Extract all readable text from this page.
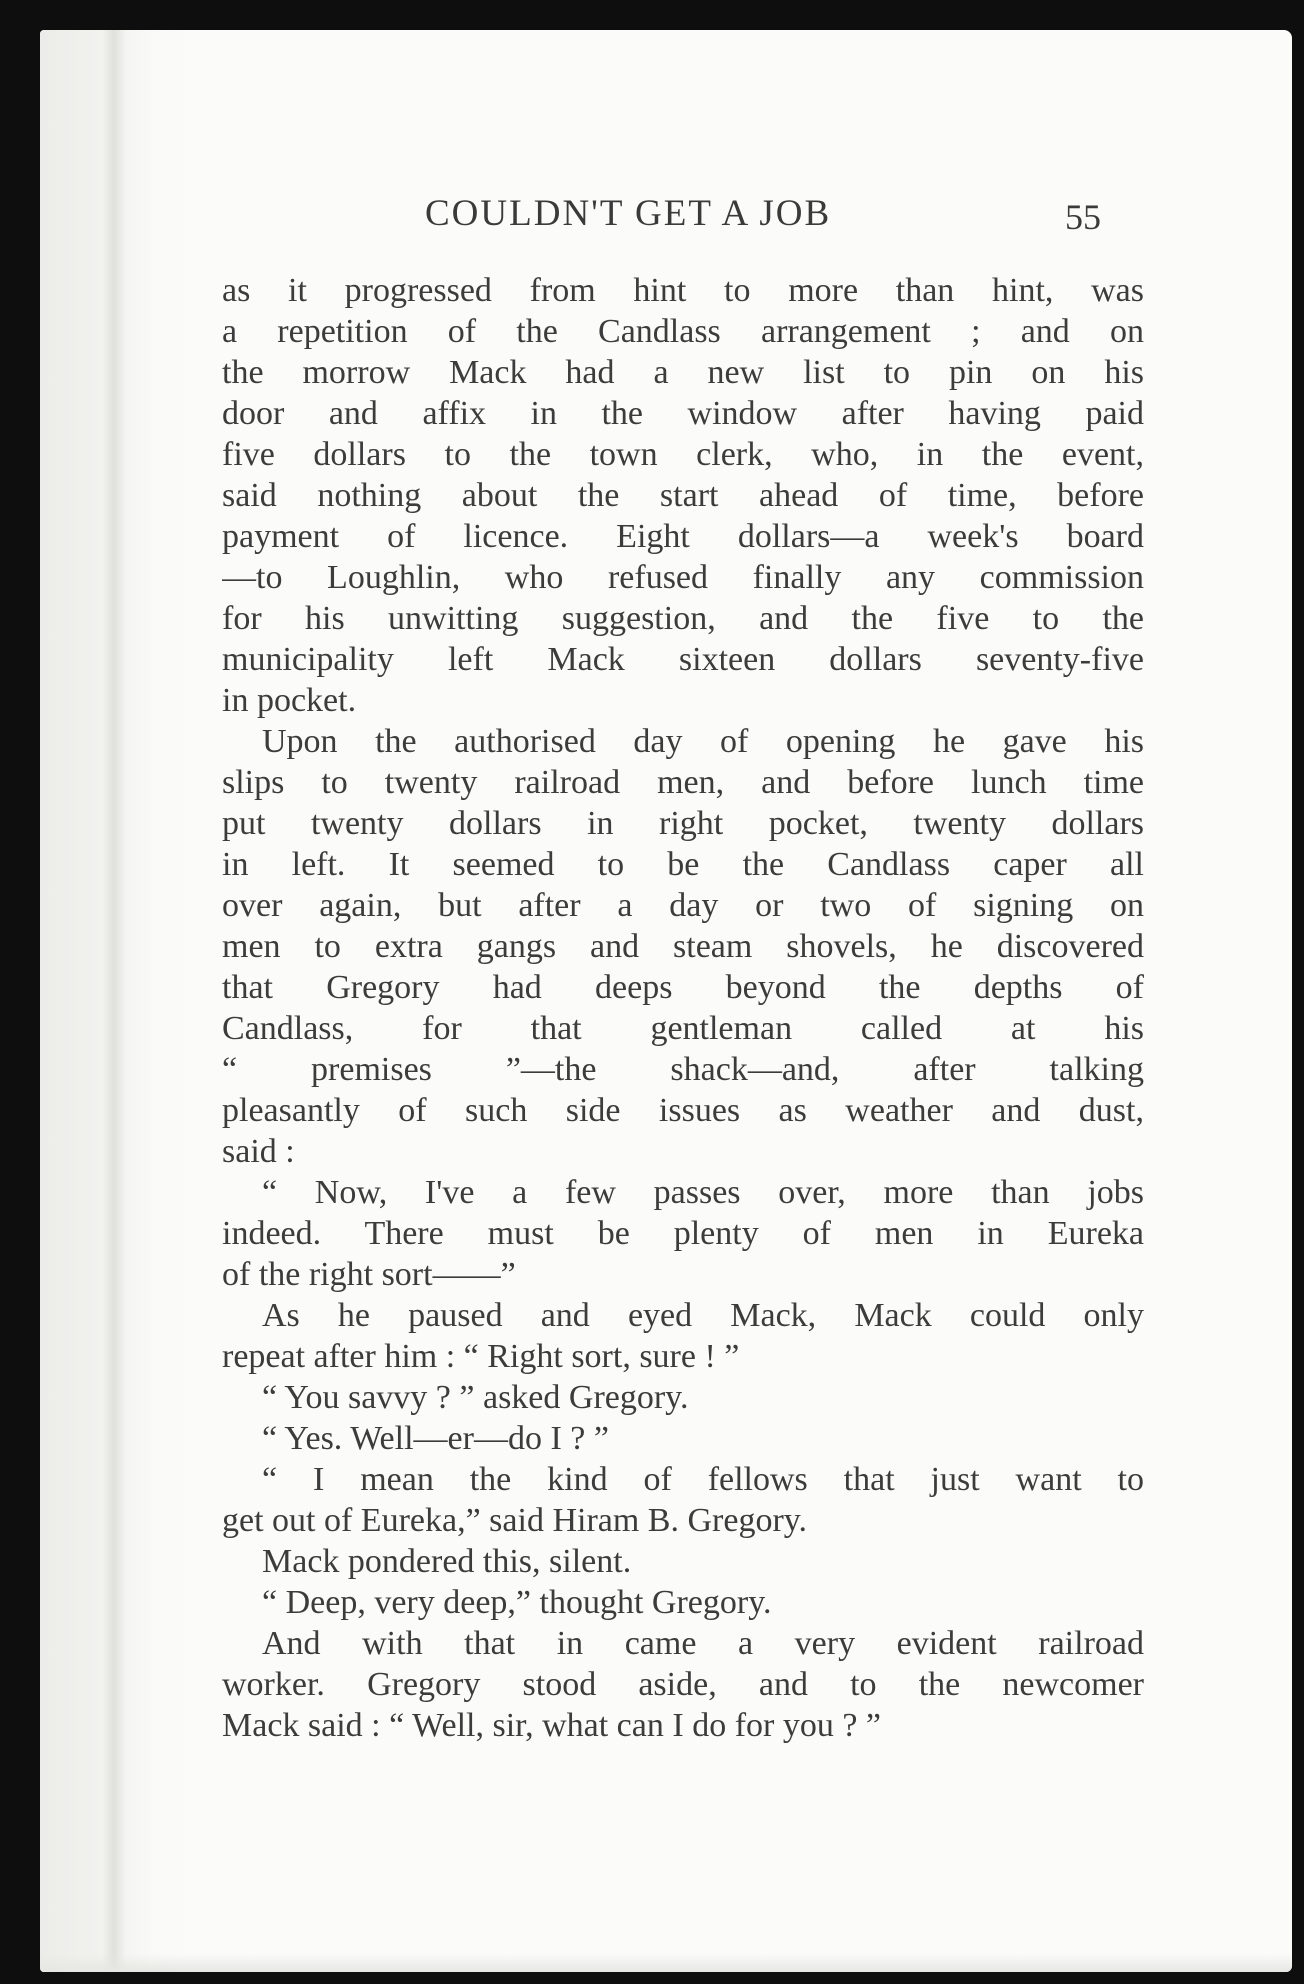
COULDN'T GET A JOB	55
as it progressed from hint to more than hint, was
a repetition of the Candlass arrangement ; and on
the morrow Mack had a new list to pin on his
door and affix in the window after having paid
five dollars to the town clerk, who, in the event,
said nothing about the start ahead of time, before
payment of licence. Eight dollars—a week's board
—to Loughlin, who refused finally any commission
for his unwitting suggestion, and the five to the
municipality left Mack sixteen dollars seventy-five
in pocket.
Upon the authorised day of opening he gave his
slips to twenty railroad men, and before lunch time
put twenty dollars in right pocket, twenty dollars
in left. It seemed to be the Candlass caper all
over again, but after a day or two of signing on
men to extra gangs and steam shovels, he discovered
that Gregory had deeps beyond the depths of
Candlass, for that gentleman called at his
“ premises ”—the shack—and, after talking
pleasantly of such side issues as weather and dust,
said :
“ Now, I've a few passes over, more than jobs
indeed. There must be plenty of men in Eureka
of the right sort——”
As he paused and eyed Mack, Mack could only
repeat after him : “ Right sort, sure ! ”
“ You savvy ? ” asked Gregory.
“ Yes. Well—er—do I ? ”
“ I mean the kind of fellows that just want to
get out of Eureka,” said Hiram B. Gregory.
Mack pondered this, silent.
“ Deep, very deep,” thought Gregory.
And with that in came a very evident railroad
worker. Gregory stood aside, and to the newcomer
Mack said : “ Well, sir, what can I do for you ? ”
